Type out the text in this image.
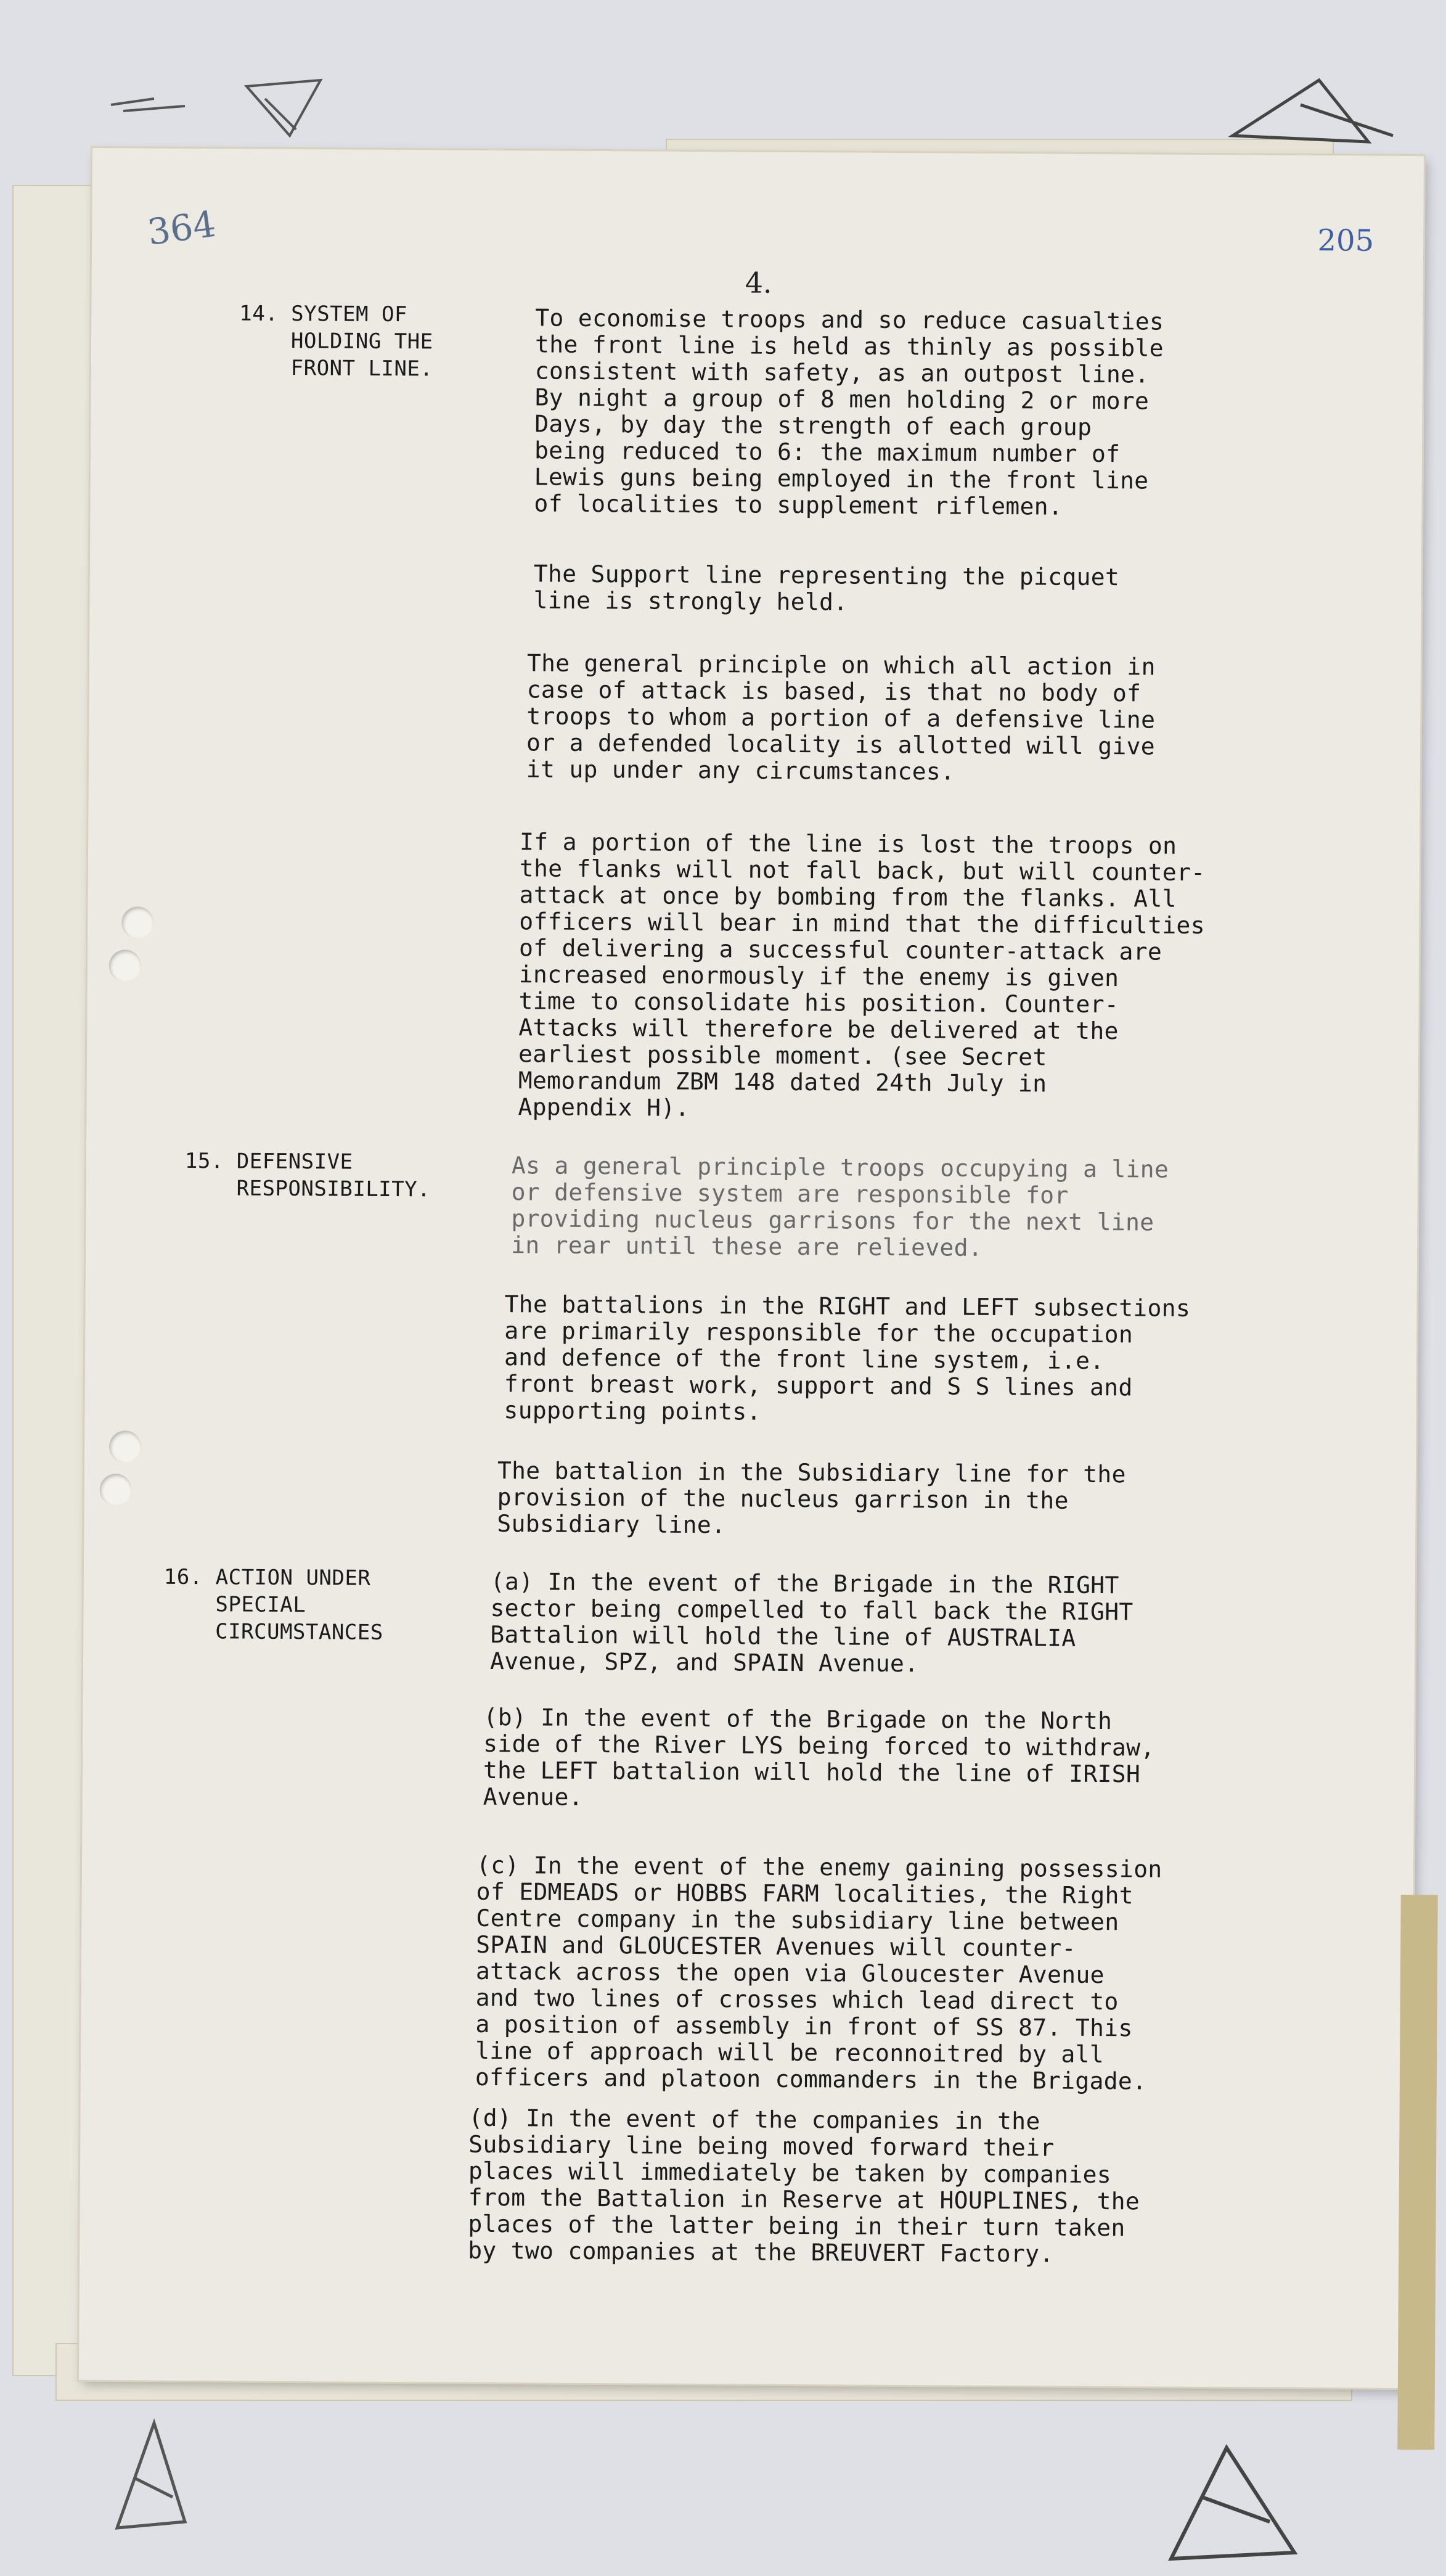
364	205
4.
14. SYSTEM OF
HOLDING THE
FRONT LINE.
To economise troops and so reduce casualties
the front line is held as thinly as possible
consistent with safety, as an outpost line.
By night a group of 8 men holding 2 or more
Days, by day the strength of each group
being reduced to 6: the maximum number of
Lewis guns being employed in the front line
of localities to supplement riflemen.
The Support line representing the picquet
line is strongly held.
The general principle on which all action in
case of attack is based, is that no body of
troops to whom a portion of a defensive line
or a defended locality is allotted will give
it up under any circumstances.
If a portion of the line is lost the troops on
the flanks will not fall back, but will counter-
attack at once by bombing from the flanks. All
officers will bear in mind that the difficulties
of delivering a successful counter-attack are
increased enormously if the enemy is given
time to consolidate his position. Counter-
Attacks will therefore be delivered at the
earliest possible moment. (see Secret
Memorandum ZBM 148 dated 24th July in
Appendix H).
15. DEFENSIVE
RESPONSIBILITY.
As a general principle troops occupying a line
or defensive system are responsible for
providing nucleus garrisons for the next line
in rear until these are relieved.
The battalions in the RIGHT and LEFT subsections
are primarily responsible for the occupation
and defence of the front line system, i.e.
front breast work, support and S S lines and
supporting points.
The battalion in the Subsidiary line for the
provision of the nucleus garrison in the
Subsidiary line.
16. ACTION UNDER
SPECIAL
CIRCUMSTANCES
(a) In the event of the Brigade in the RIGHT
sector being compelled to fall back the RIGHT
Battalion will hold the line of AUSTRALIA
Avenue, SPZ, and SPAIN Avenue.
(b) In the event of the Brigade on the North
side of the River LYS being forced to withdraw,
the LEFT battalion will hold the line of IRISH
Avenue.
(c) In the event of the enemy gaining possession
of EDMEADS or HOBBS FARM localities, the Right
Centre company in the subsidiary line between
SPAIN and GLOUCESTER Avenues will counter-
attack across the open via Gloucester Avenue
and two lines of crosses which lead direct to
a position of assembly in front of SS 87. This
line of approach will be reconnoitred by all
officers and platoon commanders in the Brigade.
(d) In the event of the companies in the
Subsidiary line being moved forward their
places will immediately be taken by companies
from the Battalion in Reserve at HOUPLINES, the
places of the latter being in their turn taken
by two companies at the BREUVERT Factory.
